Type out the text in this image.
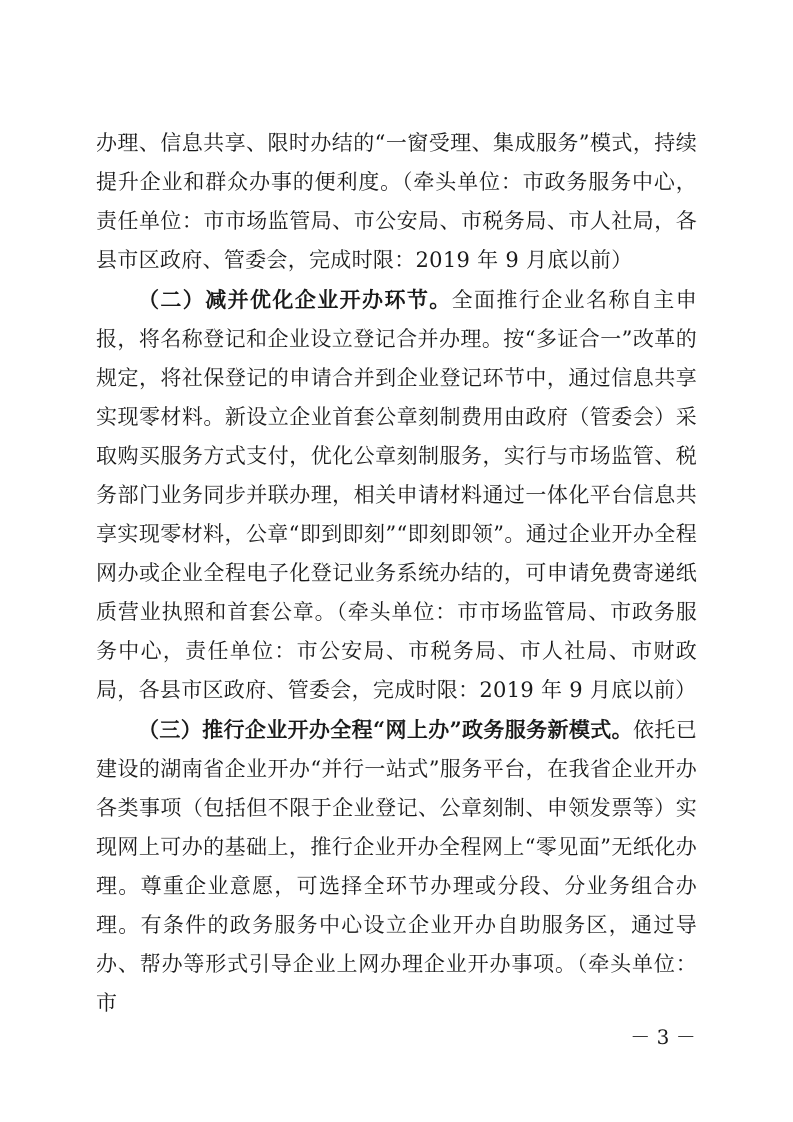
办理、信息共享、限时办结的“一窗受理、集成服务”模式，持续提升企业和群众办事的便利度。（牵头单位：市政务服务中心，责任单位：市市场监管局、市公安局、市税务局、市人社局，各县市区政府、管委会，完成时限：2019 年 9 月底以前）

（二）减并优化企业开办环节。全面推行企业名称自主申报，将名称登记和企业设立登记合并办理。按“多证合一”改革的规定，将社保登记的申请合并到企业登记环节中，通过信息共享实现零材料。新设立企业首套公章刻制费用由政府（管委会）采取购买服务方式支付，优化公章刻制服务，实行与市场监管、税务部门业务同步并联办理，相关申请材料通过一体化平台信息共享实现零材料，公章“即到即刻”“即刻即领”。通过企业开办全程网办或企业全程电子化登记业务系统办结的，可申请免费寄递纸质营业执照和首套公章。（牵头单位：市市场监管局、市政务服务中心，责任单位：市公安局、市税务局、市人社局、市财政局，各县市区政府、管委会，完成时限：2019 年 9 月底以前）

（三）推行企业开办全程“网上办”政务服务新模式。依托已建设的湖南省企业开办“并行一站式”服务平台，在我省企业开办各类事项（包括但不限于企业登记、公章刻制、申领发票等）实现网上可办的基础上，推行企业开办全程网上“零见面”无纸化办理。尊重企业意愿，可选择全环节办理或分段、分业务组合办理。有条件的政务服务中心设立企业开办自助服务区，通过导办、帮办等形式引导企业上网办理企业开办事项。（牵头单位：市

－ 3 －
